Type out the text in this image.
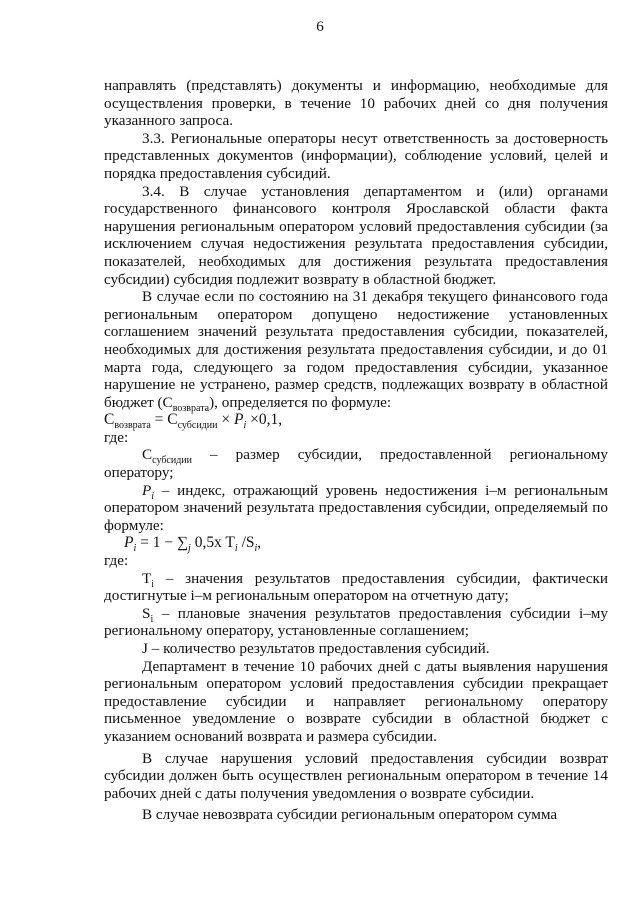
6

направлять (представлять) документы и информацию, необходимые для осуществления проверки, в течение 10 рабочих дней со дня получения указанного запроса.

3.3. Региональные операторы несут ответственность за достоверность представленных документов (информации), соблюдение условий, целей и порядка предоставления субсидий.

3.4. В случае установления департаментом и (или) органами государственного финансового контроля Ярославской области факта нарушения региональным оператором условий предоставления субсидии (за исключением случая недостижения результата предоставления субсидии, показателей, необходимых для достижения результата предоставления субсидии) субсидия подлежит возврату в областной бюджет.

В случае если по состоянию на 31 декабря текущего финансового года региональным оператором допущено недостижение установленных соглашением значений результата предоставления субсидии, показателей, необходимых для достижения результата предоставления субсидии, и до 01 марта года, следующего за годом предоставления субсидии, указанное нарушение не устранено, размер средств, подлежащих возврату в областной бюджет $(С_{возврата})$, определяется по формуле:

$С_{возврата} = С_{субсидии} \times P_i \times 0,1$,

где:

$С_{субсидии}$ – размер субсидии, предоставленной региональному оператору;

$P_i$ – индекс, отражающий уровень недостижения i–м региональным оператором значений результата предоставления субсидии, определяемый по формуле:

$P_i = 1 - \sum_j$ 0,5x $T_i$ $/S_i$,

где:

$T_i$ – значения результатов предоставления субсидии, фактически достигнутые i–м региональным оператором на отчетную дату;

$S_i$ – плановые значения результатов предоставления субсидии i–му региональному оператору, установленные соглашением;

J – количество результатов предоставления субсидий.

Департамент в течение 10 рабочих дней с даты выявления нарушения региональным оператором условий предоставления субсидии прекращает предоставление субсидии и направляет региональному оператору письменное уведомление о возврате субсидии в областной бюджет с указанием оснований возврата и размера субсидии.

В случае нарушения условий предоставления субсидии возврат субсидии должен быть осуществлен региональным оператором в течение 14 рабочих дней с даты получения уведомления о возврате субсидии.

В случае невозврата субсидии региональным оператором сумма
